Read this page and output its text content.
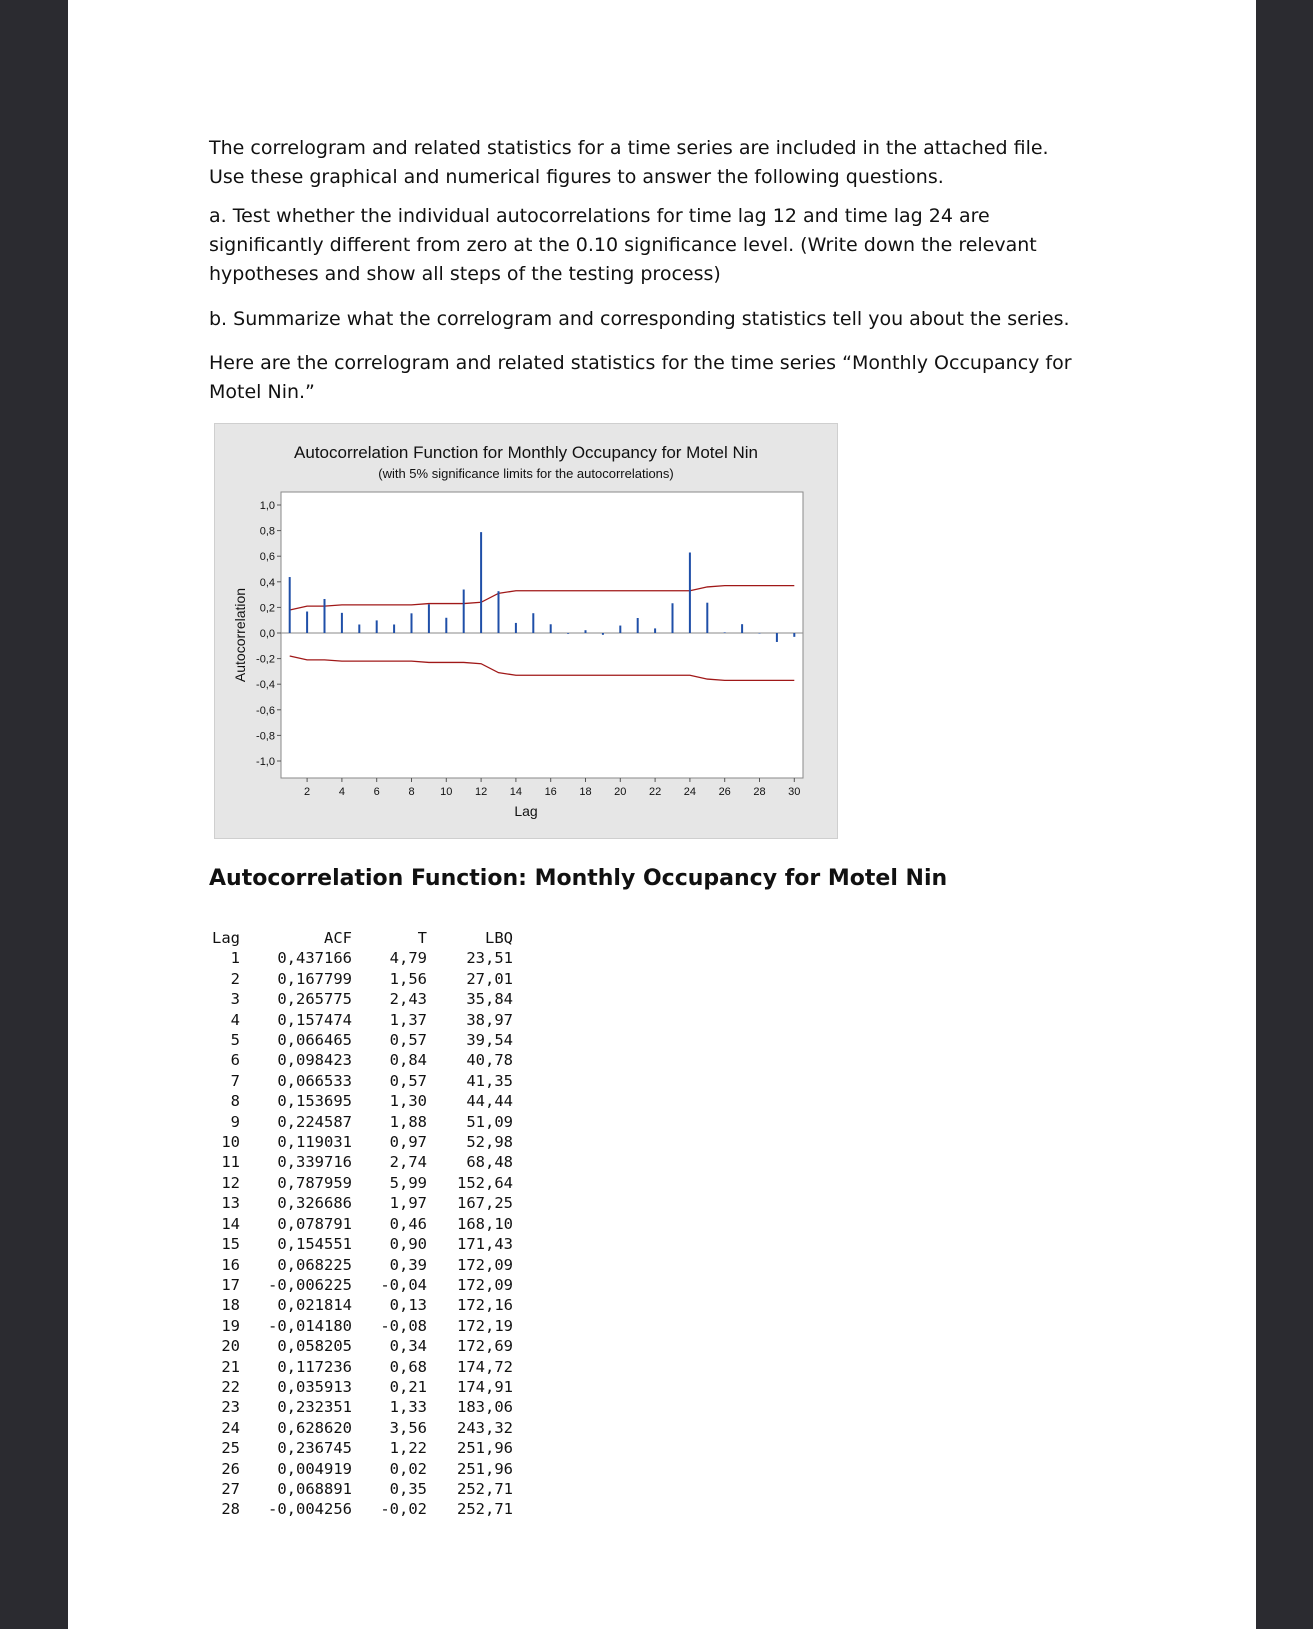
The correlogram and related statistics for a time series are included in the attached file. Use these graphical and numerical figures to answer the following questions.
a. Test whether the individual autocorrelations for time lag 12 and time lag 24 are significantly different from zero at the 0.10 significance level. (Write down the relevant hypotheses and show all steps of the testing process)
b. Summarize what the correlogram and corresponding statistics tell you about the series.
Here are the correlogram and related statistics for the time series “Monthly Occupancy for Motel Nin.”
Autocorrelation Function for Monthly Occupancy for Motel Nin
(with 5% significance limits for the autocorrelations)
Lag
Autocorrelation
1,0
0,8
0,6
0,4
0,2
0,0
-0,2
-0,4
-0,6
-0,8
-1,0
2	4	6	8 10 12 14 16 18 20 22 24 26 28 30
Autocorrelation Function: Monthly Occupancy for Motel Nin
Lag	ACF	T	LBQ
1	0,437166	4,79	23,51
2	0,167799	1,56	27,01
3	0,265775	2,43	35,84
4	0,157474	1,37	38,97
5	0,066465	0,57	39,54
6	0,098423	0,84	40,78
7	0,066533	0,57	41,35
8	0,153695	1,30	44,44
9	0,224587	1,88	51,09
10	0,119031	0,97	52,98
11	0,339716	2,74	68,48
12	0,787959	5,99	152,64
13	0,326686	1,97	167,25
14	0,078791	0,46	168,10
15	0,154551	0,90	171,43
16	0,068225	0,39	172,09
17	-0,006225	-0,04	172,09
18	0,021814	0,13	172,16
19	-0,014180	-0,08	172,19
20	0,058205	0,34	172,69
21	0,117236	0,68	174,72
22	0,035913	0,21	174,91
23	0,232351	1,33	183,06
24	0,628620	3,56	243,32
25	0,236745	1,22	251,96
26	0,004919	0,02	251,96
27	0,068891	0,35	252,71
28	-0,004256	-0,02	252,71
